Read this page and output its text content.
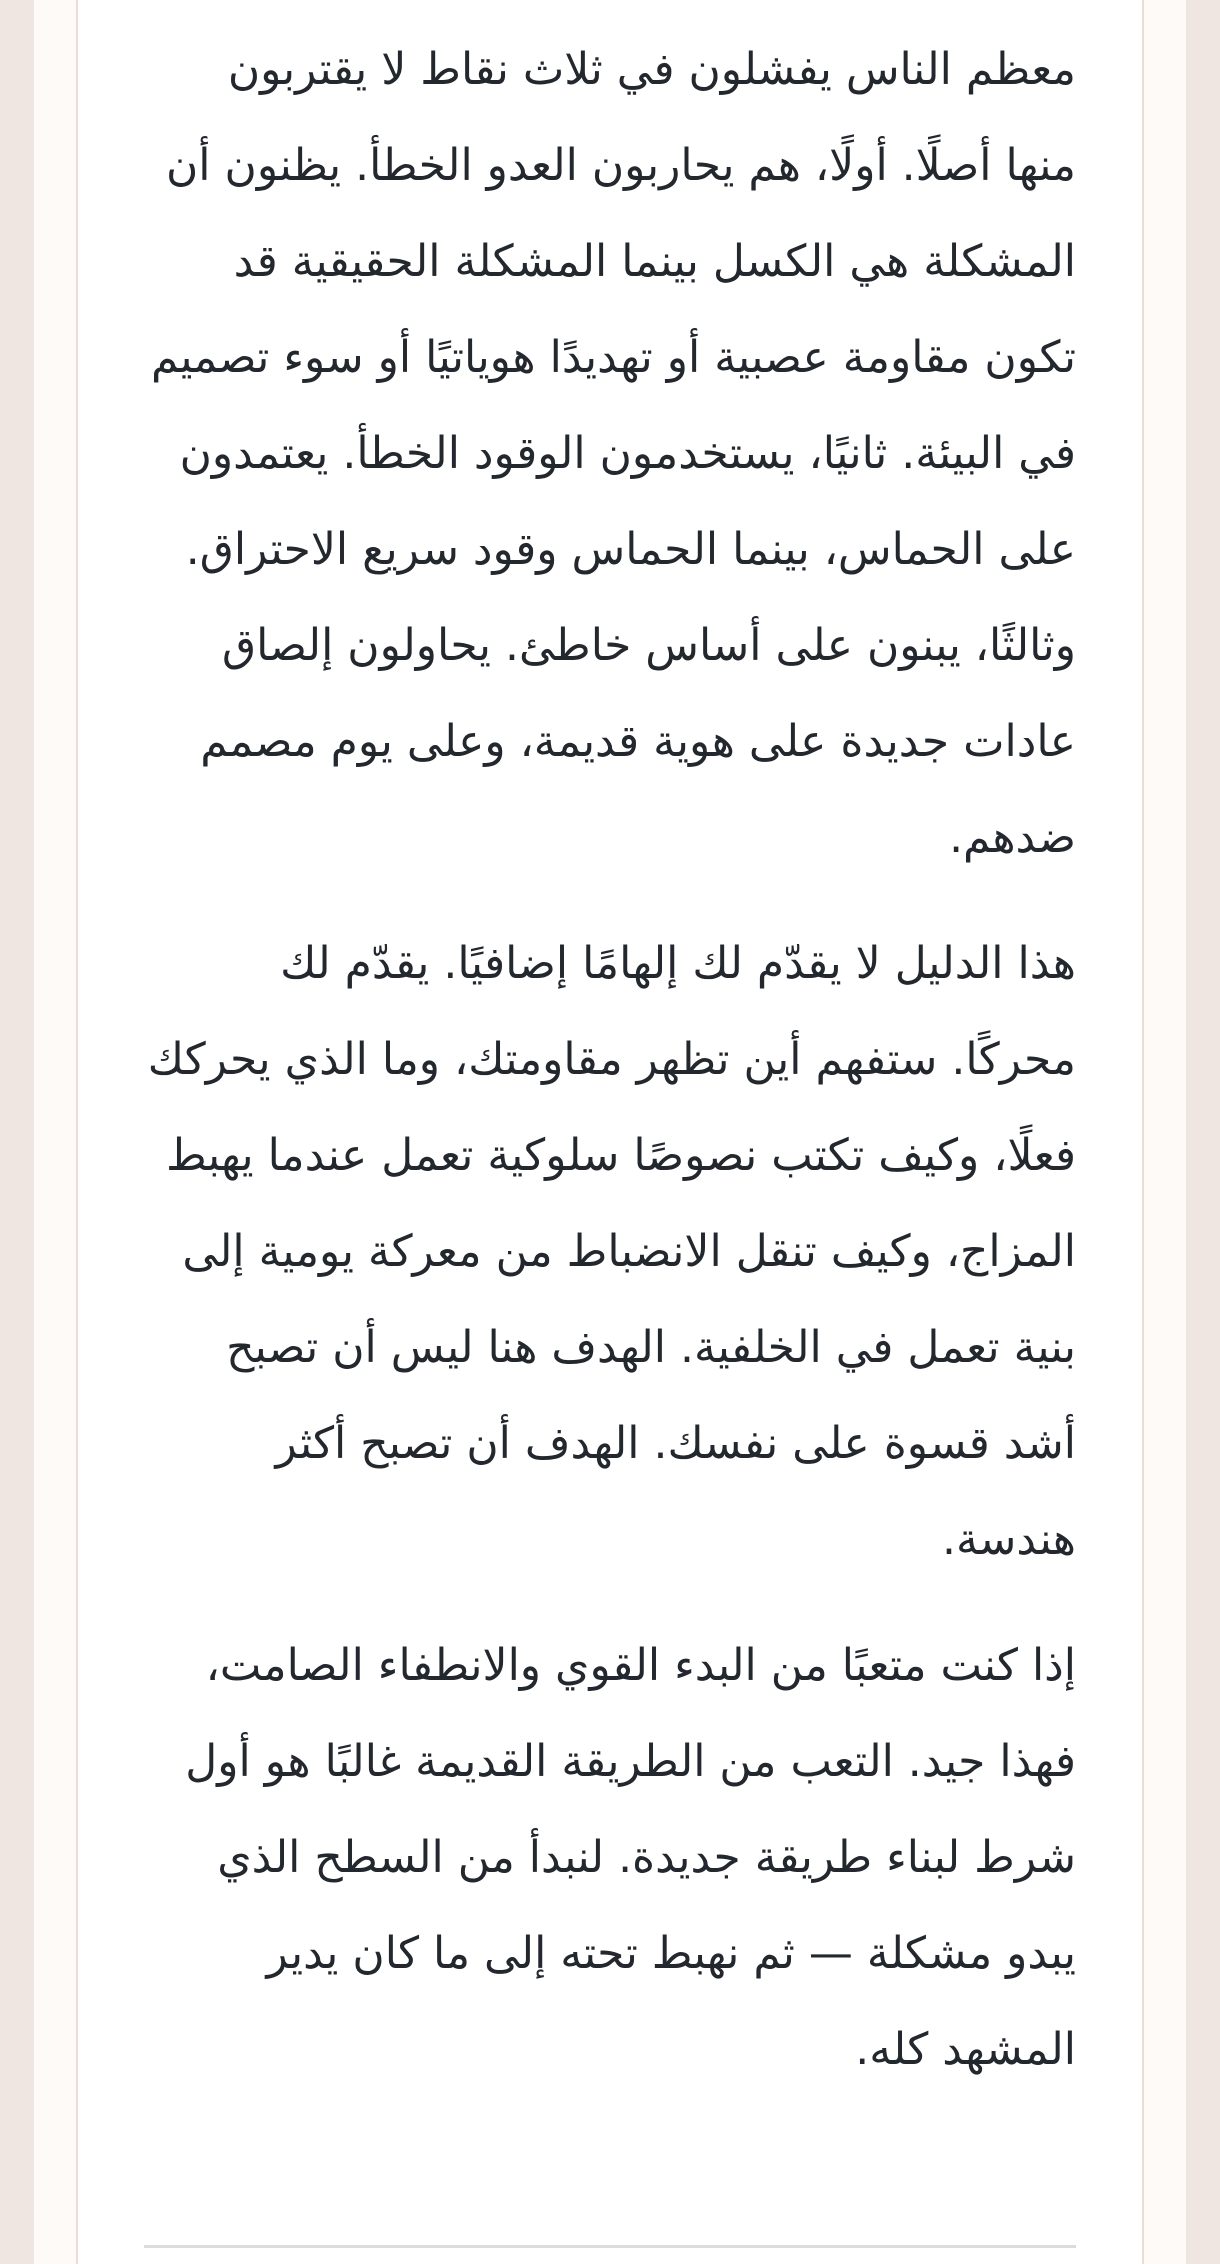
معظم الناس يفشلون في ثلاث نقاط لا يقتربون منها أصلًا. أولًا، هم يحاربون العدو الخطأ. يظنون أن المشكلة هي الكسل بينما المشكلة الحقيقية قد تكون مقاومة عصبية أو تهديدًا هوياتيًا أو سوء تصميم في البيئة. ثانيًا، يستخدمون الوقود الخطأ. يعتمدون على الحماس، بينما الحماس وقود سريع الاحتراق. وثالثًا، يبنون على أساس خاطئ. يحاولون إلصاق عادات جديدة على هوية قديمة، وعلى يوم مصمم ضدهم.

هذا الدليل لا يقدّم لك إلهامًا إضافيًا. يقدّم لك محركًا. ستفهم أين تظهر مقاومتك، وما الذي يحركك فعلًا، وكيف تكتب نصوصًا سلوكية تعمل عندما يهبط المزاج، وكيف تنقل الانضباط من معركة يومية إلى بنية تعمل في الخلفية. الهدف هنا ليس أن تصبح أشد قسوة على نفسك. الهدف أن تصبح أكثر هندسة.

إذا كنت متعبًا من البدء القوي والانطفاء الصامت، فهذا جيد. التعب من الطريقة القديمة غالبًا هو أول شرط لبناء طريقة جديدة. لنبدأ من السطح الذي يبدو مشكلة — ثم نهبط تحته إلى ما كان يدير المشهد كله.
